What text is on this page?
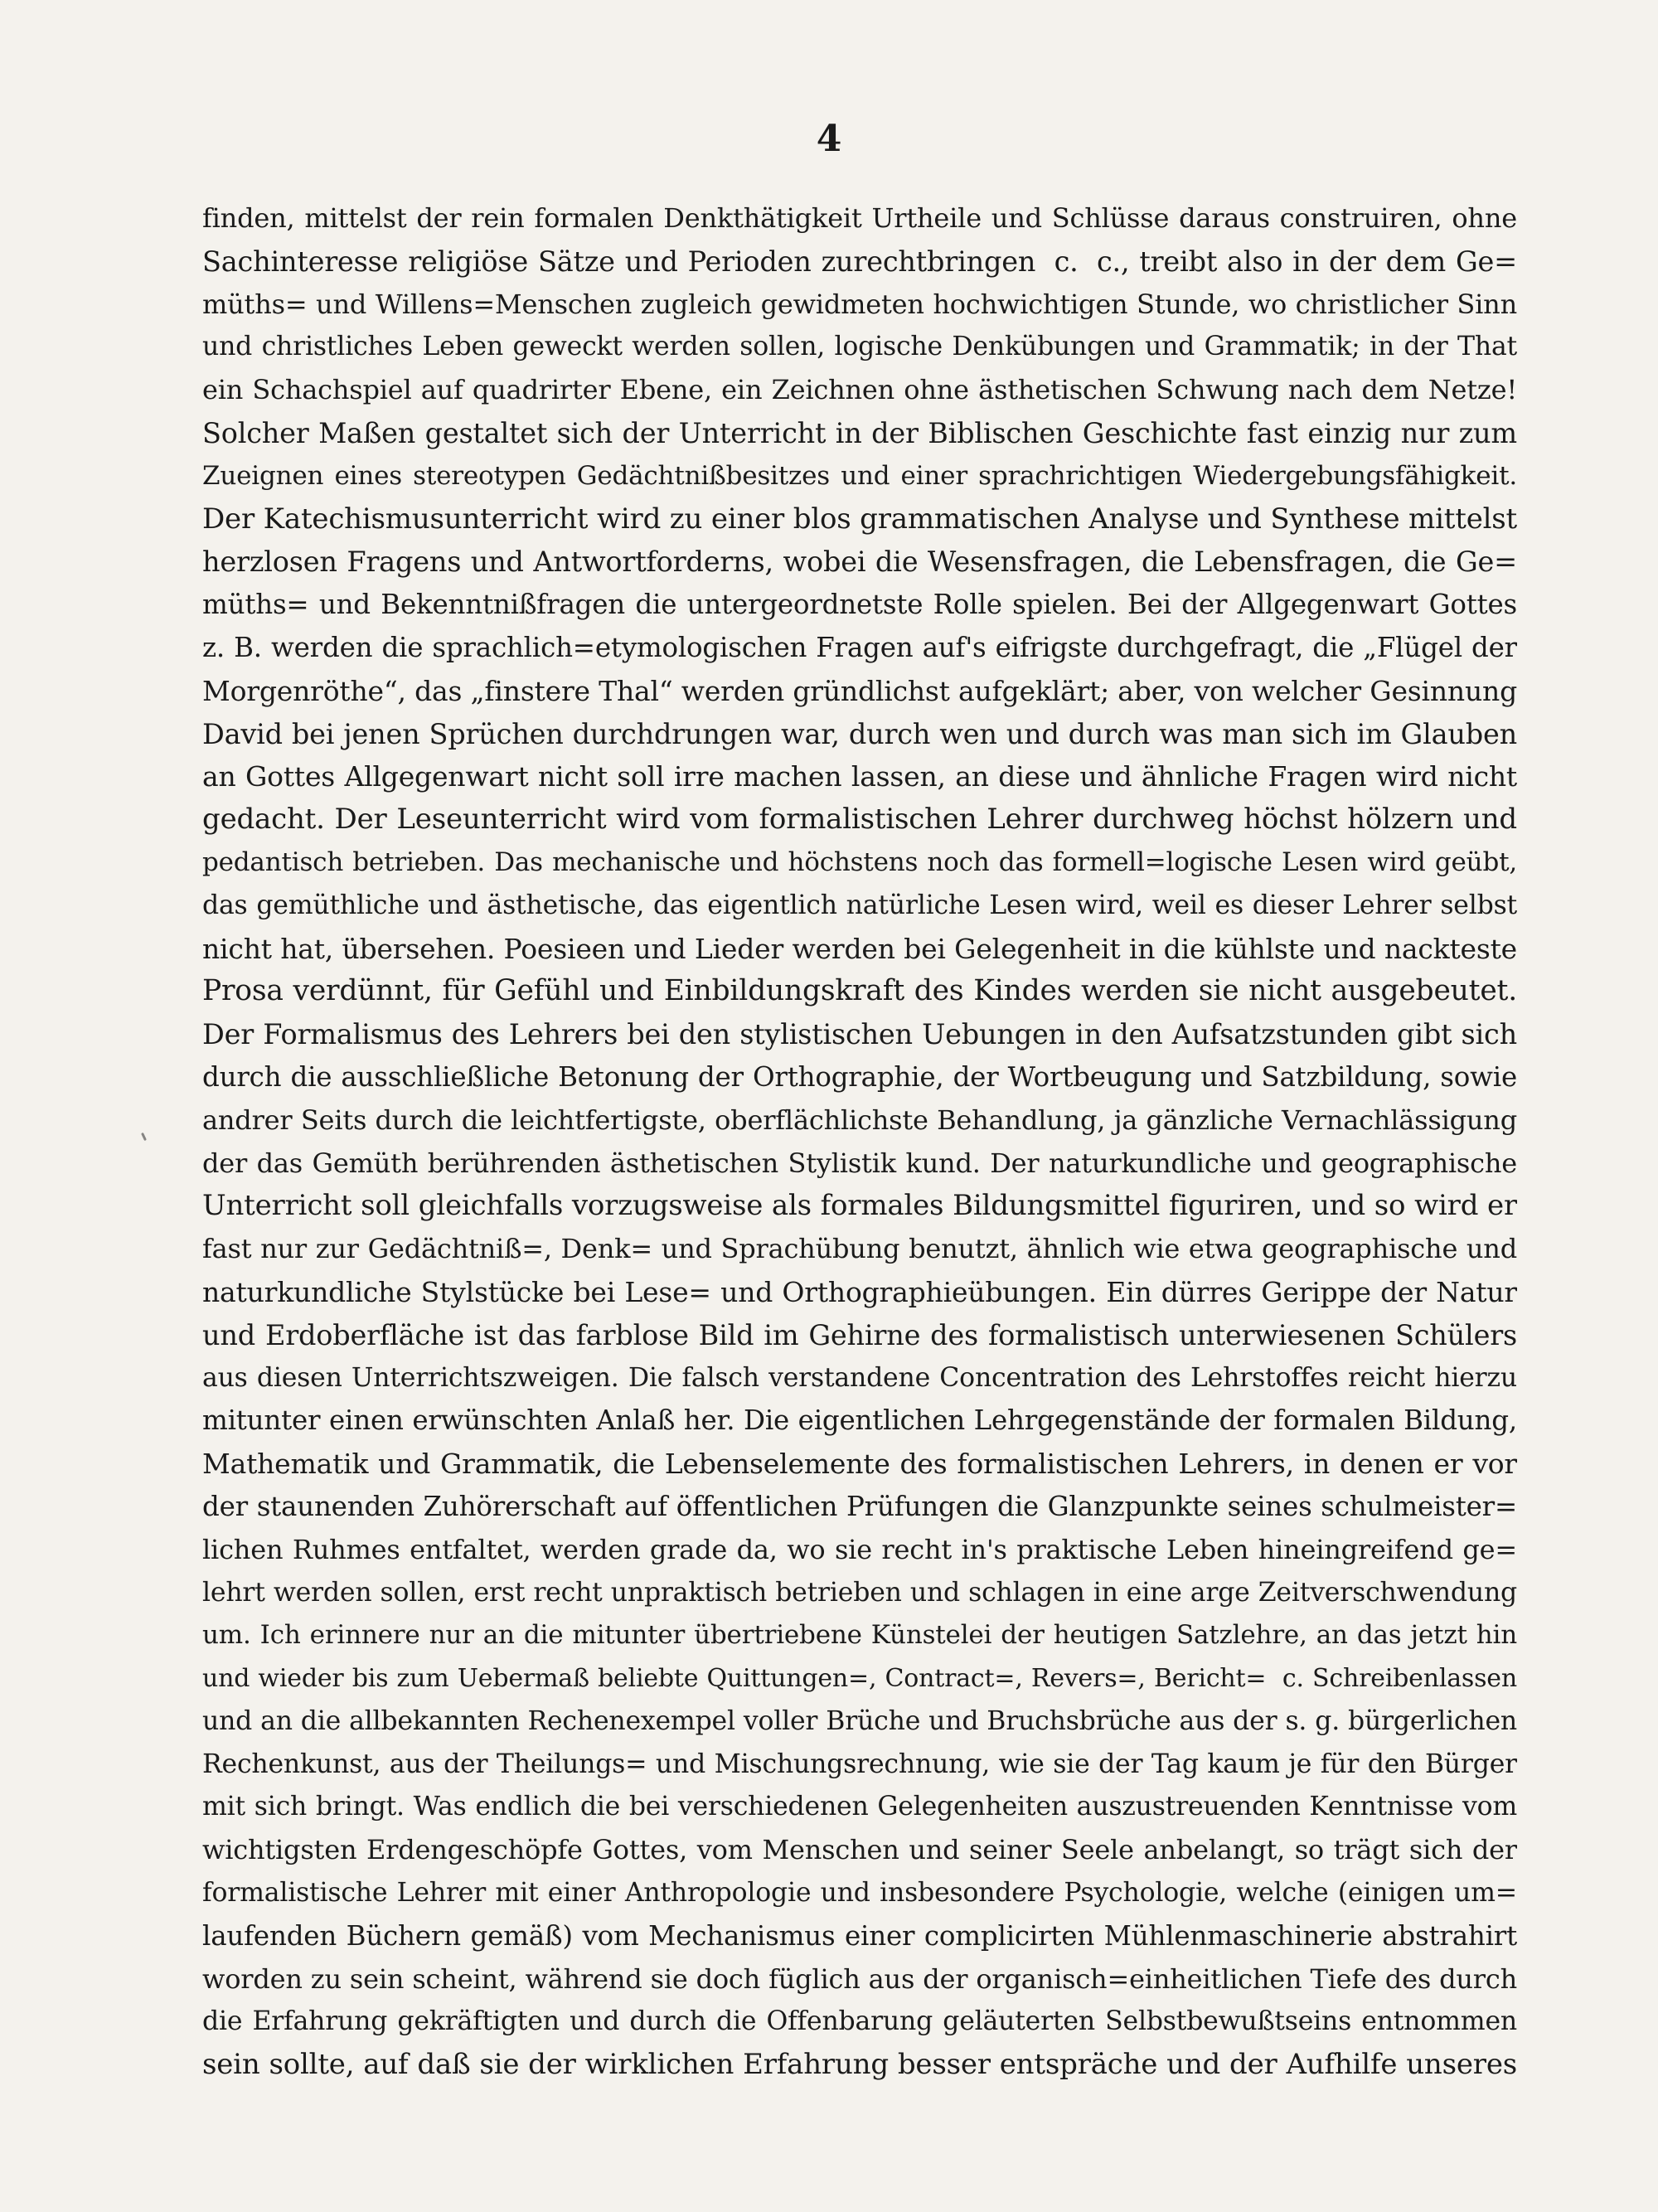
4
finden, mittelst der rein formalen Denkthätigkeit Urtheile und Schlüsse daraus construiren, ohne
Sachinteresse religiöse Sätze und Perioden zurechtbringen  c.  c., treibt also in der dem Ge=
müths= und Willens=Menschen zugleich gewidmeten hochwichtigen Stunde, wo christlicher Sinn
und christliches Leben geweckt werden sollen, logische Denkübungen und Grammatik; in der That
ein Schachspiel auf quadrirter Ebene, ein Zeichnen ohne ästhetischen Schwung nach dem Netze!
Solcher Maßen gestaltet sich der Unterricht in der Biblischen Geschichte fast einzig nur zum
Zueignen eines stereotypen Gedächtnißbesitzes und einer sprachrichtigen Wiedergebungsfähigkeit.
Der Katechismusunterricht wird zu einer blos grammatischen Analyse und Synthese mittelst
herzlosen Fragens und Antwortforderns, wobei die Wesensfragen, die Lebensfragen, die Ge=
müths= und Bekenntnißfragen die untergeordnetste Rolle spielen. Bei der Allgegenwart Gottes
z. B. werden die sprachlich=etymologischen Fragen auf's eifrigste durchgefragt, die „Flügel der
Morgenröthe“, das „finstere Thal“ werden gründlichst aufgeklärt; aber, von welcher Gesinnung
David bei jenen Sprüchen durchdrungen war, durch wen und durch was man sich im Glauben
an Gottes Allgegenwart nicht soll irre machen lassen, an diese und ähnliche Fragen wird nicht
gedacht. Der Leseunterricht wird vom formalistischen Lehrer durchweg höchst hölzern und
pedantisch betrieben. Das mechanische und höchstens noch das formell=logische Lesen wird geübt,
das gemüthliche und ästhetische, das eigentlich natürliche Lesen wird, weil es dieser Lehrer selbst
nicht hat, übersehen. Poesieen und Lieder werden bei Gelegenheit in die kühlste und nackteste
Prosa verdünnt, für Gefühl und Einbildungskraft des Kindes werden sie nicht ausgebeutet.
Der Formalismus des Lehrers bei den stylistischen Uebungen in den Aufsatzstunden gibt sich
durch die ausschließliche Betonung der Orthographie, der Wortbeugung und Satzbildung, sowie
andrer Seits durch die leichtfertigste, oberflächlichste Behandlung, ja gänzliche Vernachlässigung
der das Gemüth berührenden ästhetischen Stylistik kund. Der naturkundliche und geographische
Unterricht soll gleichfalls vorzugsweise als formales Bildungsmittel figuriren, und so wird er
fast nur zur Gedächtniß=, Denk= und Sprachübung benutzt, ähnlich wie etwa geographische und
naturkundliche Stylstücke bei Lese= und Orthographieübungen. Ein dürres Gerippe der Natur
und Erdoberfläche ist das farblose Bild im Gehirne des formalistisch unterwiesenen Schülers
aus diesen Unterrichtszweigen. Die falsch verstandene Concentration des Lehrstoffes reicht hierzu
mitunter einen erwünschten Anlaß her. Die eigentlichen Lehrgegenstände der formalen Bildung,
Mathematik und Grammatik, die Lebenselemente des formalistischen Lehrers, in denen er vor
der staunenden Zuhörerschaft auf öffentlichen Prüfungen die Glanzpunkte seines schulmeister=
lichen Ruhmes entfaltet, werden grade da, wo sie recht in's praktische Leben hineingreifend ge=
lehrt werden sollen, erst recht unpraktisch betrieben und schlagen in eine arge Zeitverschwendung
um. Ich erinnere nur an die mitunter übertriebene Künstelei der heutigen Satzlehre, an das jetzt hin
und wieder bis zum Uebermaß beliebte Quittungen=, Contract=, Revers=, Bericht=  c. Schreibenlassen
und an die allbekannten Rechenexempel voller Brüche und Bruchsbrüche aus der s. g. bürgerlichen
Rechenkunst, aus der Theilungs= und Mischungsrechnung, wie sie der Tag kaum je für den Bürger
mit sich bringt. Was endlich die bei verschiedenen Gelegenheiten auszustreuenden Kenntnisse vom
wichtigsten Erdengeschöpfe Gottes, vom Menschen und seiner Seele anbelangt, so trägt sich der
formalistische Lehrer mit einer Anthropologie und insbesondere Psychologie, welche (einigen um=
laufenden Büchern gemäß) vom Mechanismus einer complicirten Mühlenmaschinerie abstrahirt
worden zu sein scheint, während sie doch füglich aus der organisch=einheitlichen Tiefe des durch
die Erfahrung gekräftigten und durch die Offenbarung geläuterten Selbstbewußtseins entnommen
sein sollte, auf daß sie der wirklichen Erfahrung besser entspräche und der Aufhilfe unseres
